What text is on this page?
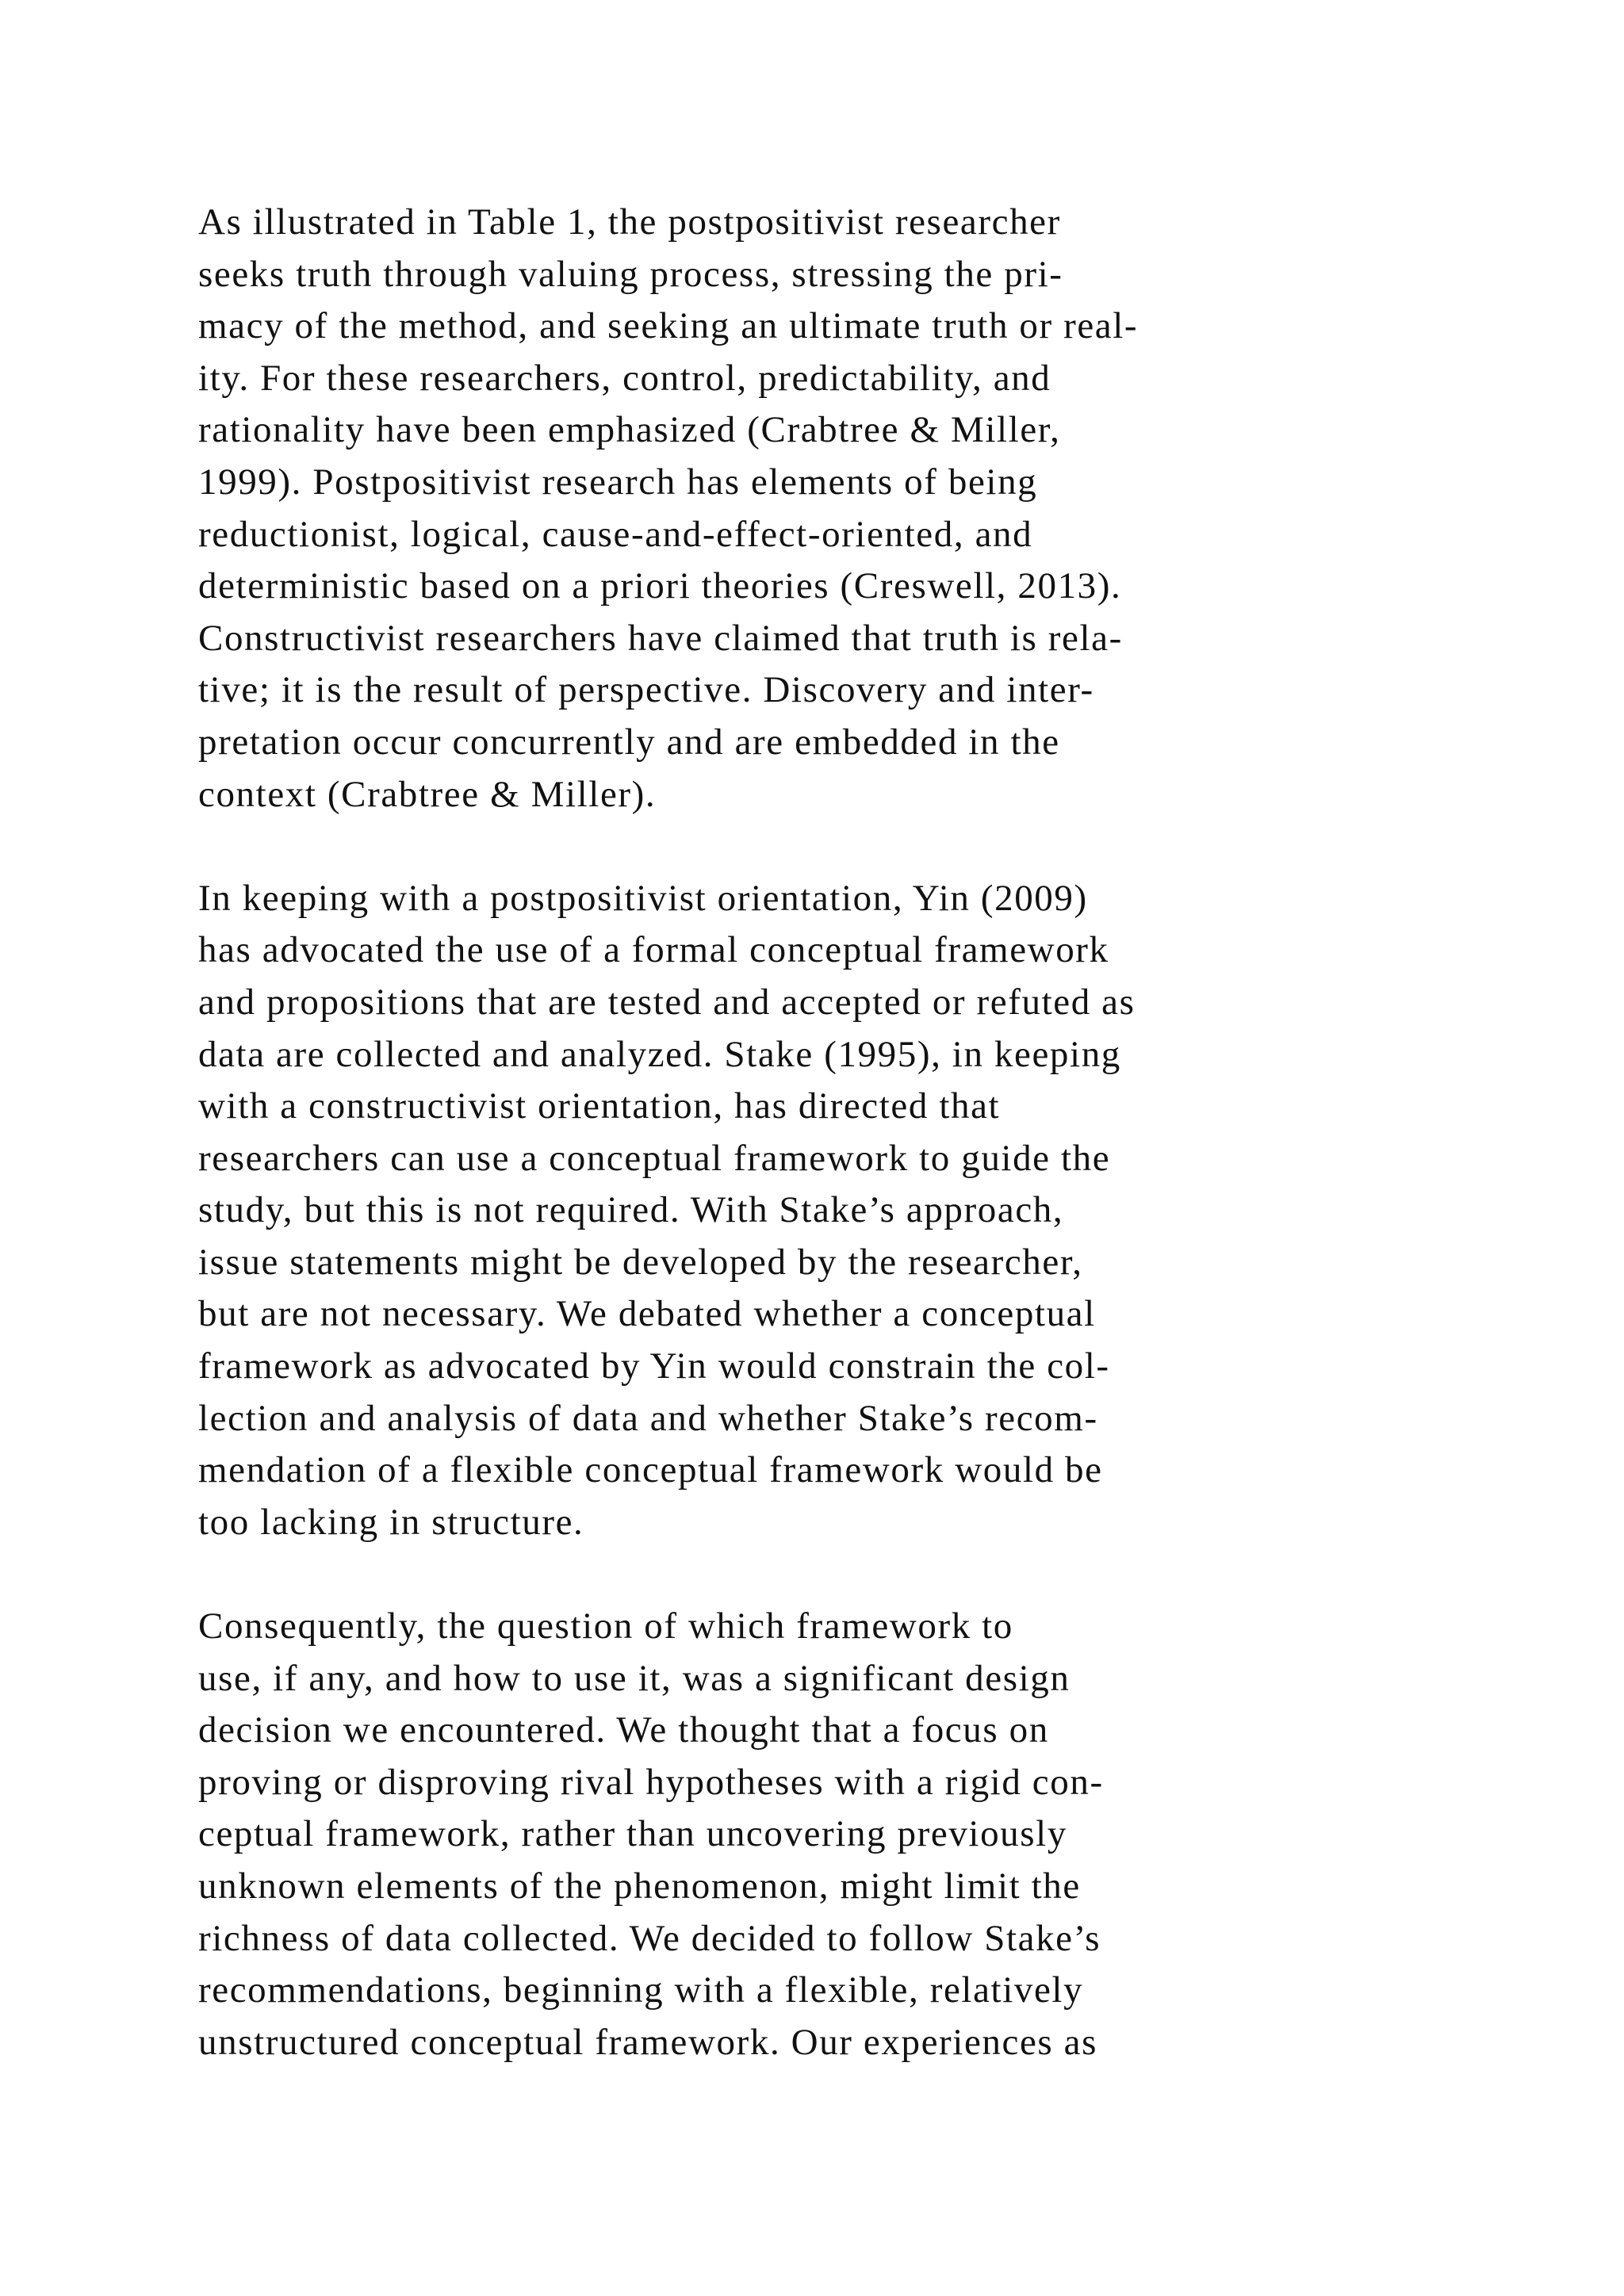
As illustrated in Table 1, the postpositivist researcher
seeks truth through valuing process, stressing the pri-
macy of the method, and seeking an ultimate truth or real-
ity. For these researchers, control, predictability, and
rationality have been emphasized (Crabtree & Miller,
1999). Postpositivist research has elements of being
reductionist, logical, cause-and-effect-oriented, and
deterministic based on a priori theories (Creswell, 2013).
Constructivist researchers have claimed that truth is rela-
tive; it is the result of perspective. Discovery and inter-
pretation occur concurrently and are embedded in the
context (Crabtree & Miller).

In keeping with a postpositivist orientation, Yin (2009)
has advocated the use of a formal conceptual framework
and propositions that are tested and accepted or refuted as
data are collected and analyzed. Stake (1995), in keeping
with a constructivist orientation, has directed that
researchers can use a conceptual framework to guide the
study, but this is not required. With Stake’s approach,
issue statements might be developed by the researcher,
but are not necessary. We debated whether a conceptual
framework as advocated by Yin would constrain the col-
lection and analysis of data and whether Stake’s recom-
mendation of a flexible conceptual framework would be
too lacking in structure.

Consequently, the question of which framework to
use, if any, and how to use it, was a significant design
decision we encountered. We thought that a focus on
proving or disproving rival hypotheses with a rigid con-
ceptual framework, rather than uncovering previously
unknown elements of the phenomenon, might limit the
richness of data collected. We decided to follow Stake’s
recommendations, beginning with a flexible, relatively
unstructured conceptual framework. Our experiences as
